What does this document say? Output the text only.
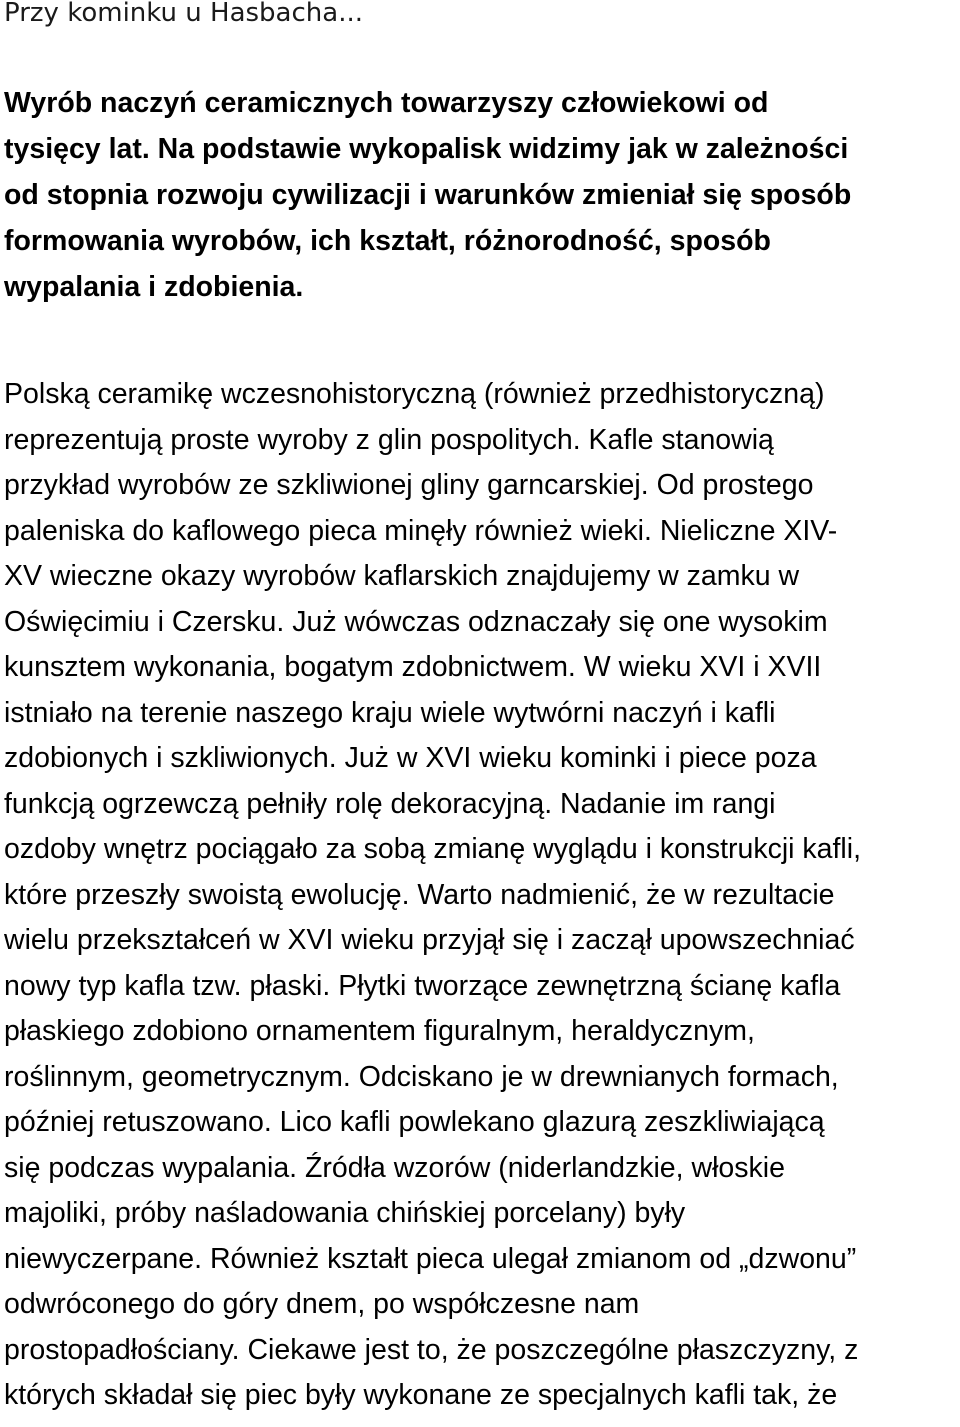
Przy kominku u Hasbacha...

Wyrób naczyń ceramicznych towarzyszy człowiekowi od
tysięcy lat. Na podstawie wykopalisk widzimy jak w zależności
od stopnia rozwoju cywilizacji i warunków zmieniał się sposób
formowania wyrobów, ich kształt, różnorodność, sposób
wypalania i zdobienia.

Polską ceramikę wczesnohistoryczną (również przedhistoryczną)
reprezentują proste wyroby z glin pospolitych. Kafle stanowią
przykład wyrobów ze szkliwionej gliny garncarskiej. Od prostego
paleniska do kaflowego pieca minęły również wieki. Nieliczne XIV-
XV wieczne okazy wyrobów kaflarskich znajdujemy w zamku w
Oświęcimiu i Czersku. Już wówczas odznaczały się one wysokim
kunsztem wykonania, bogatym zdobnictwem. W wieku XVI i XVII
istniało na terenie naszego kraju wiele wytwórni naczyń i kafli
zdobionych i szkliwionych. Już w XVI wieku kominki i piece poza
funkcją ogrzewczą pełniły rolę dekoracyjną. Nadanie im rangi
ozdoby wnętrz pociągało za sobą zmianę wyglądu i konstrukcji kafli,
które przeszły swoistą ewolucję. Warto nadmienić, że w rezultacie
wielu przekształceń w XVI wieku przyjął się i zaczął upowszechniać
nowy typ kafla tzw. płaski. Płytki tworzące zewnętrzną ścianę kafla
płaskiego zdobiono ornamentem figuralnym, heraldycznym,
roślinnym, geometrycznym. Odciskano je w drewnianych formach,
później retuszowano. Lico kafli powlekano glazurą zeszkliwiającą
się podczas wypalania. Źródła wzorów (niderlandzkie, włoskie
majoliki, próby naśladowania chińskiej porcelany) były
niewyczerpane. Również kształt pieca ulegał zmianom od „dzwonu”
odwróconego do góry dnem, po współczesne nam
prostopadłościany. Ciekawe jest to, że poszczególne płaszczyzny, z
których składał się piec były wykonane ze specjalnych kafli tak, że
